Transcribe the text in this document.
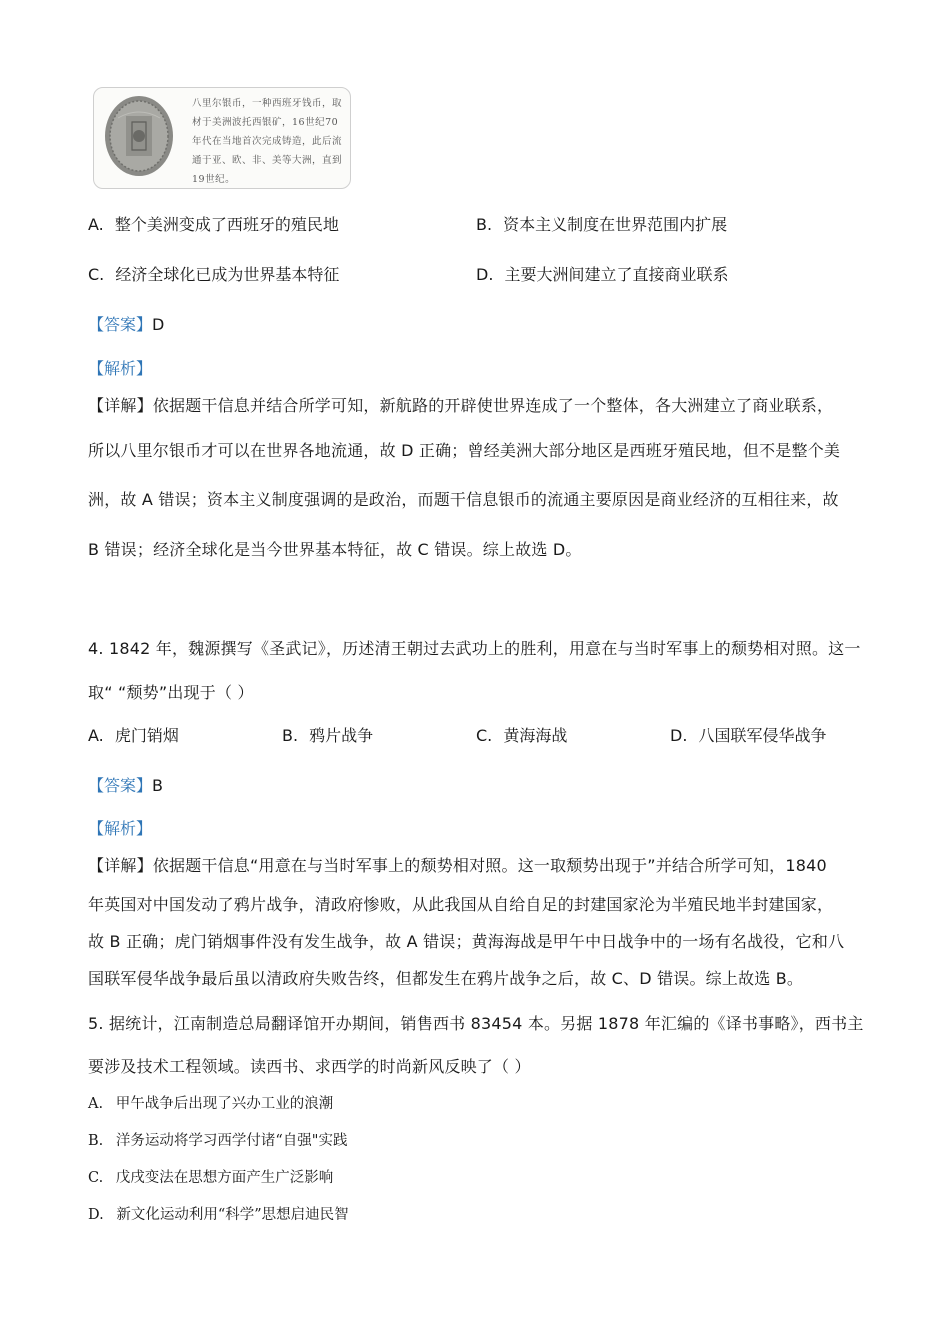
八里尔银币，一种西班牙钱币，取材于美洲波托西银矿，16世纪70年代在当地首次完成铸造，此后流通于亚、欧、非、美等大洲，直到19世纪。
A. 整个美洲变成了西班牙的殖民地	B. 资本主义制度在世界范围内扩展
C. 经济全球化已成为世界基本特征	D. 主要大洲间建立了直接商业联系
【答案】D
【解析】
【详解】依据题干信息并结合所学可知，新航路的开辟使世界连成了一个整体，各大洲建立了商业联系，
所以八里尔银币才可以在世界各地流通，故 D 正确；曾经美洲大部分地区是西班牙殖民地，但不是整个美
洲，故 A 错误；资本主义制度强调的是政治，而题干信息银币的流通主要原因是商业经济的互相往来，故
B 错误；经济全球化是当今世界基本特征，故 C 错误。综上故选 D。
4. 1842 年，魏源撰写《圣武记》，历述清王朝过去武功上的胜利，用意在与当时军事上的颓势相对照。这一
取“ “颓势”出现于（ ）
A. 虎门销烟	B. 鸦片战争	C. 黄海海战	D. 八国联军侵华战争
【答案】B
【解析】
【详解】依据题干信息“用意在与当时军事上的颓势相对照。这一取颓势出现于”并结合所学可知，1840
年英国对中国发动了鸦片战争，清政府惨败，从此我国从自给自足的封建国家沦为半殖民地半封建国家，
故 B 正确；虎门销烟事件没有发生战争，故 A 错误；黄海海战是甲午中日战争中的一场有名战役，它和八
国联军侵华战争最后虽以清政府失败告终，但都发生在鸦片战争之后，故 C、D 错误。综上故选 B。
5. 据统计，江南制造总局翻译馆开办期间，销售西书 83454 本。另据 1878 年汇编的《译书事略》，西书主
要涉及技术工程领域。读西书、求西学的时尚新风反映了（ ）
A. 甲午战争后出现了兴办工业的浪潮
B. 洋务运动将学习西学付诸“自强"实践
C. 戊戌变法在思想方面产生广泛影响
D. 新文化运动利用“科学”思想启迪民智
